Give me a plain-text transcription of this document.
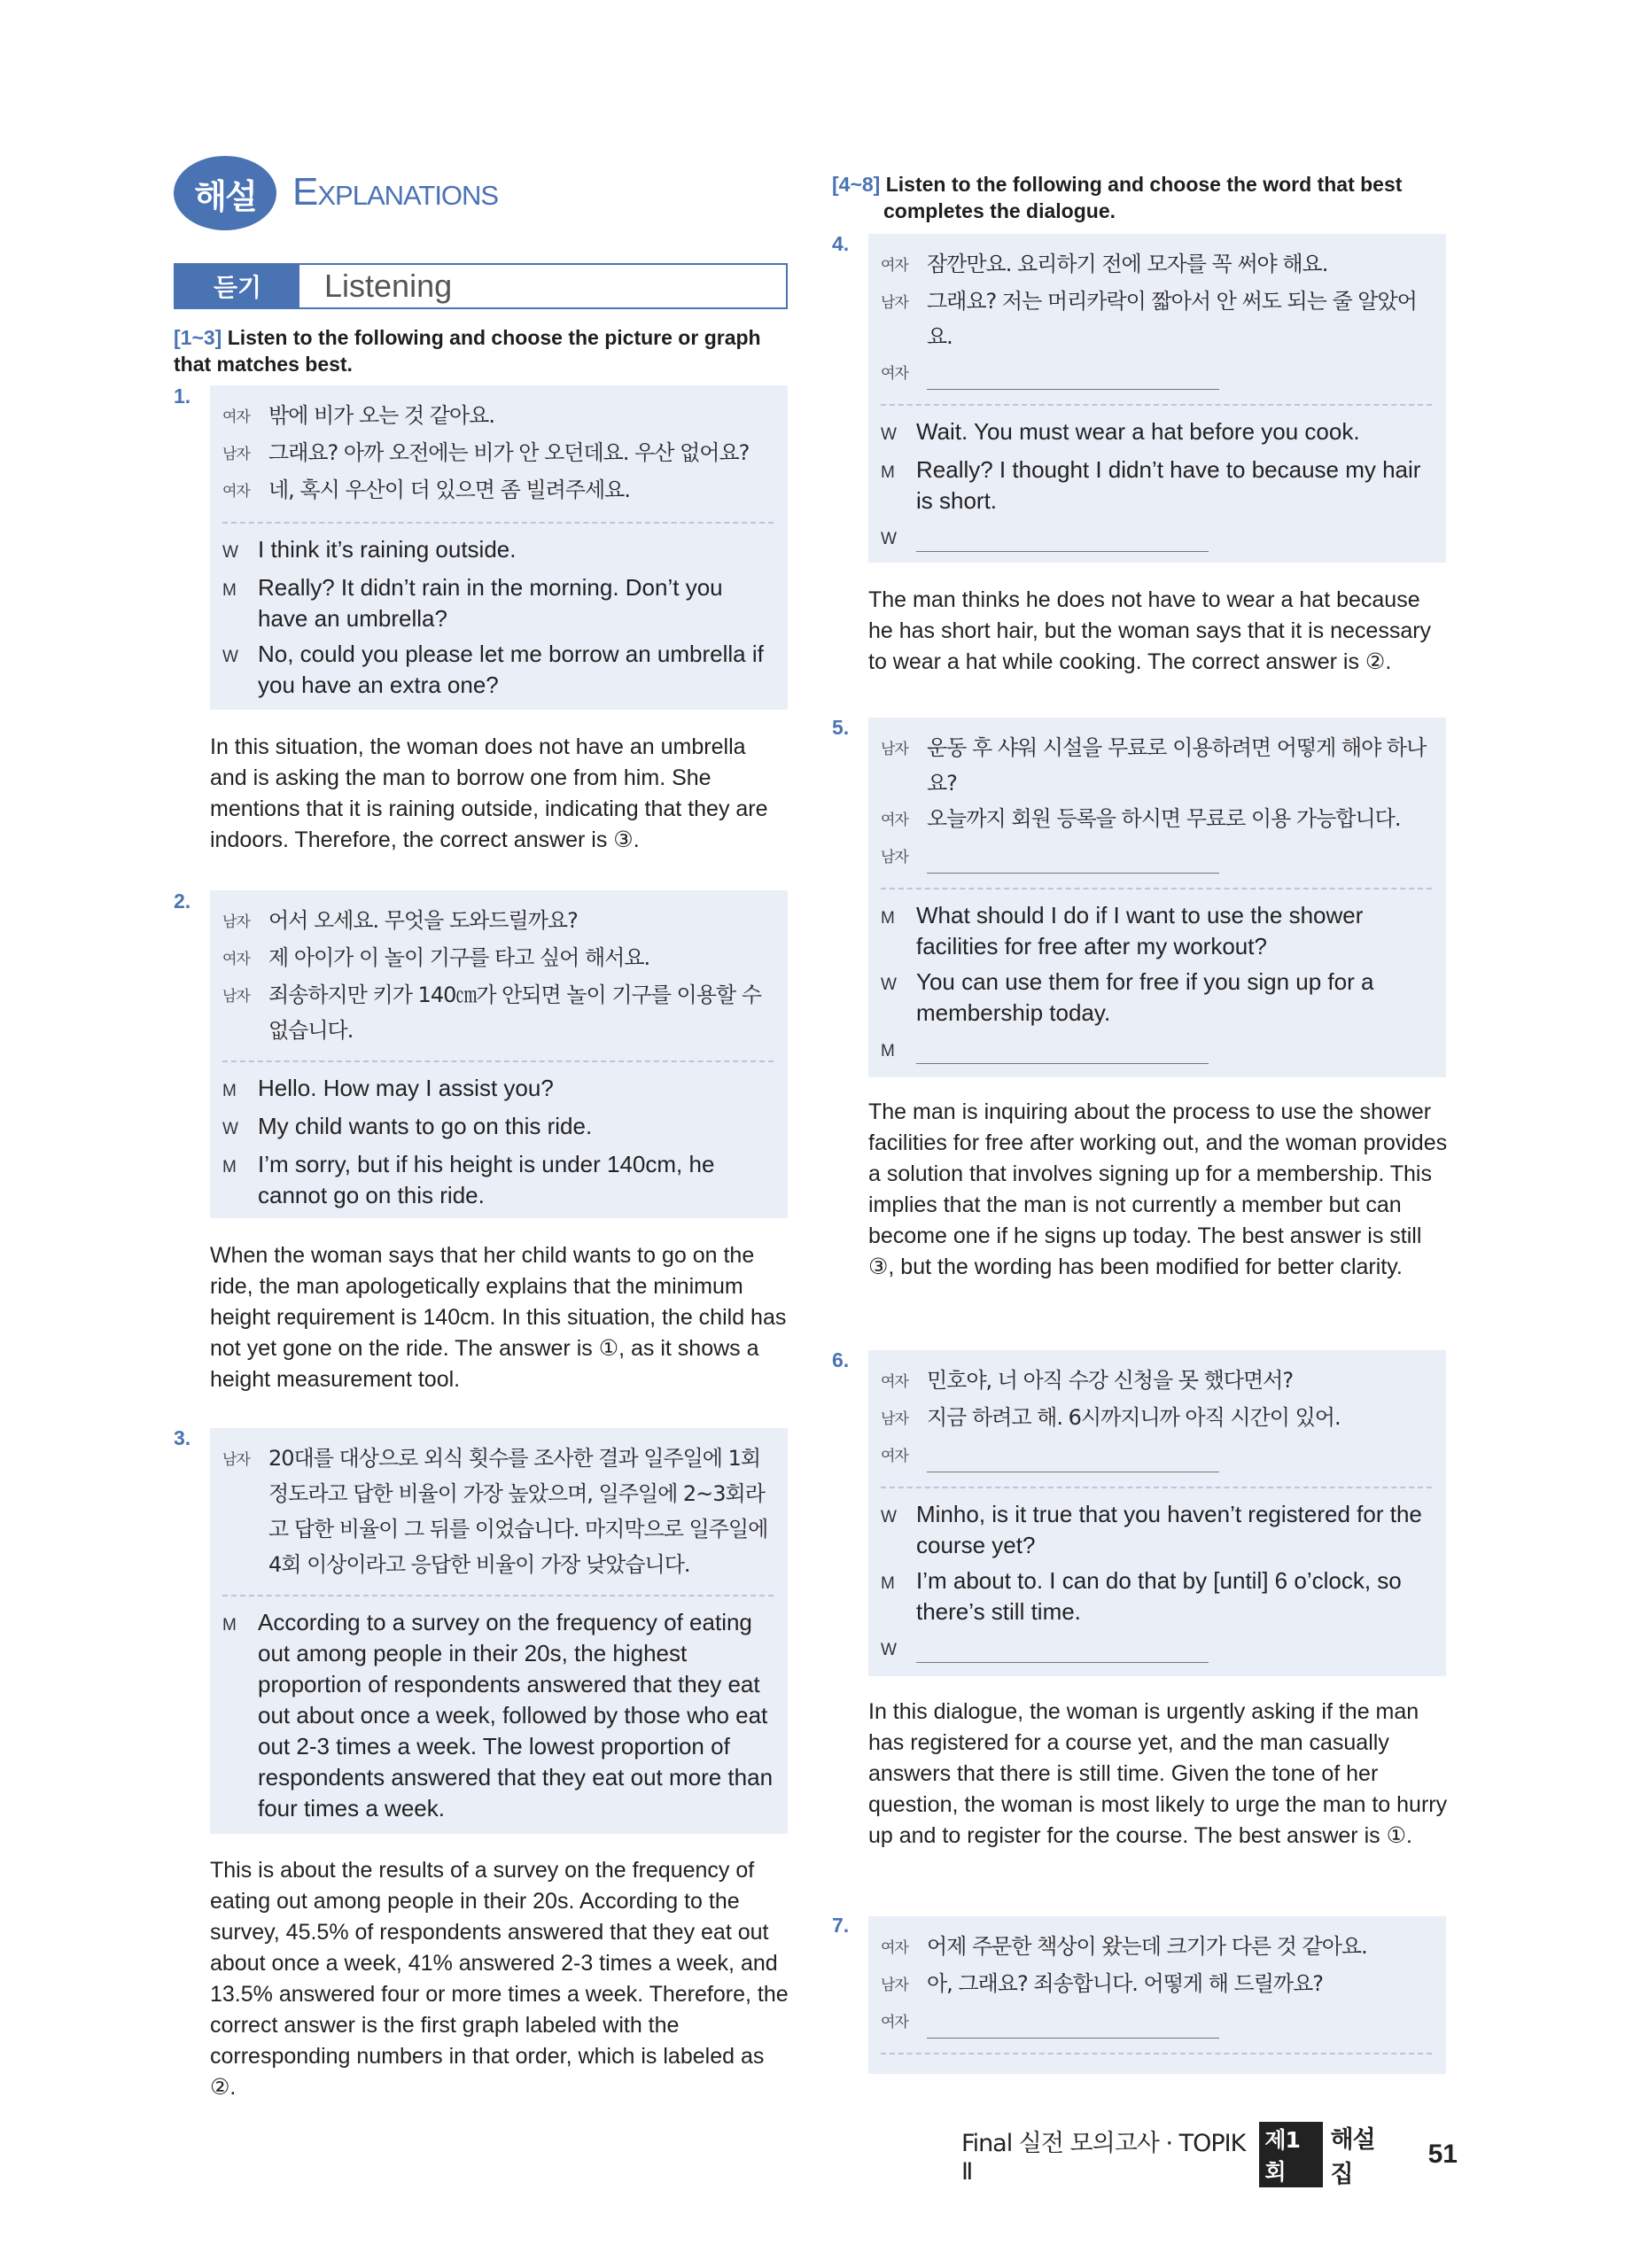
해설 Explanations
듣기	Listening
[1~3] Listen to the following and choose the picture or graph that matches best.
1.
여자 밖에 비가 오는 것 같아요.
남자 그래요? 아까 오전에는 비가 안 오던데요. 우산 없어요?
여자 네, 혹시 우산이 더 있으면 좀 빌려주세요.
W I think it’s raining outside.
M Really? It didn’t rain in the morning. Don’t you have an umbrella?
W No, could you please let me borrow an umbrella if you have an extra one?
In this situation, the woman does not have an umbrella and is asking the man to borrow one from him. She mentions that it is raining outside, indicating that they are indoors. Therefore, the correct answer is ③.
2.
남자 어서 오세요. 무엇을 도와드릴까요?
여자 제 아이가 이 놀이 기구를 타고 싶어 해서요.
남자 죄송하지만 키가 140㎝가 안되면 놀이 기구를 이용할 수 없습니다.
M Hello. How may I assist you?
W My child wants to go on this ride.
M I’m sorry, but if his height is under 140cm, he cannot go on this ride.
When the woman says that her child wants to go on the ride, the man apologetically explains that the minimum height requirement is 140cm. In this situation, the child has not yet gone on the ride. The answer is ①, as it shows a height measurement tool.
3.
남자 20대를 대상으로 외식 횟수를 조사한 결과 일주일에 1회 정도라고 답한 비율이 가장 높았으며, 일주일에 2~3회라고 답한 비율이 그 뒤를 이었습니다. 마지막으로 일주일에 4회 이상이라고 응답한 비율이 가장 낮았습니다.
M According to a survey on the frequency of eating out among people in their 20s, the highest proportion of respondents answered that they eat out about once a week, followed by those who eat out 2-3 times a week. The lowest proportion of respondents answered that they eat out more than four times a week.
This is about the results of a survey on the frequency of eating out among people in their 20s. According to the survey, 45.5% of respondents answered that they eat out about once a week, 41% answered 2-3 times a week, and 13.5% answered four or more times a week. Therefore, the correct answer is the first graph labeled with the corresponding numbers in that order, which is labeled as ②.
[4~8] Listen to the following and choose the word that best completes the dialogue.
4.
여자 잠깐만요. 요리하기 전에 모자를 꼭 써야 해요.
남자 그래요? 저는 머리카락이 짧아서 안 써도 되는 줄 알았어요.
여자
W Wait. You must wear a hat before you cook.
M Really? I thought I didn’t have to because my hair is short.
W
The man thinks he does not have to wear a hat because he has short hair, but the woman says that it is necessary to wear a hat while cooking. The correct answer is ②.
5.
남자 운동 후 샤워 시설을 무료로 이용하려면 어떻게 해야 하나요?
여자 오늘까지 회원 등록을 하시면 무료로 이용 가능합니다.
남자
M What should I do if I want to use the shower facilities for free after my workout?
W You can use them for free if you sign up for a membership today.
M
The man is inquiring about the process to use the shower facilities for free after working out, and the woman provides a solution that involves signing up for a membership. This implies that the man is not currently a member but can become one if he signs up today. The best answer is still ③, but the wording has been modified for better clarity.
6.
여자 민호야, 너 아직 수강 신청을 못 했다면서?
남자 지금 하려고 해. 6시까지니까 아직 시간이 있어.
여자
W Minho, is it true that you haven’t registered for the course yet?
M I’m about to. I can do that by [until] 6 o’clock, so there’s still time.
W
In this dialogue, the woman is urgently asking if the man has registered for a course yet, and the man casually answers that there is still time. Given the tone of her question, the woman is most likely to urge the man to hurry up and to register for the course. The best answer is ①.
7.
여자 어제 주문한 책상이 왔는데 크기가 다른 것 같아요.
남자 아, 그래요? 죄송합니다. 어떻게 해 드릴까요?
여자
Final 실전 모의고사 · TOPIK Ⅱ
제1회
해설집
51
